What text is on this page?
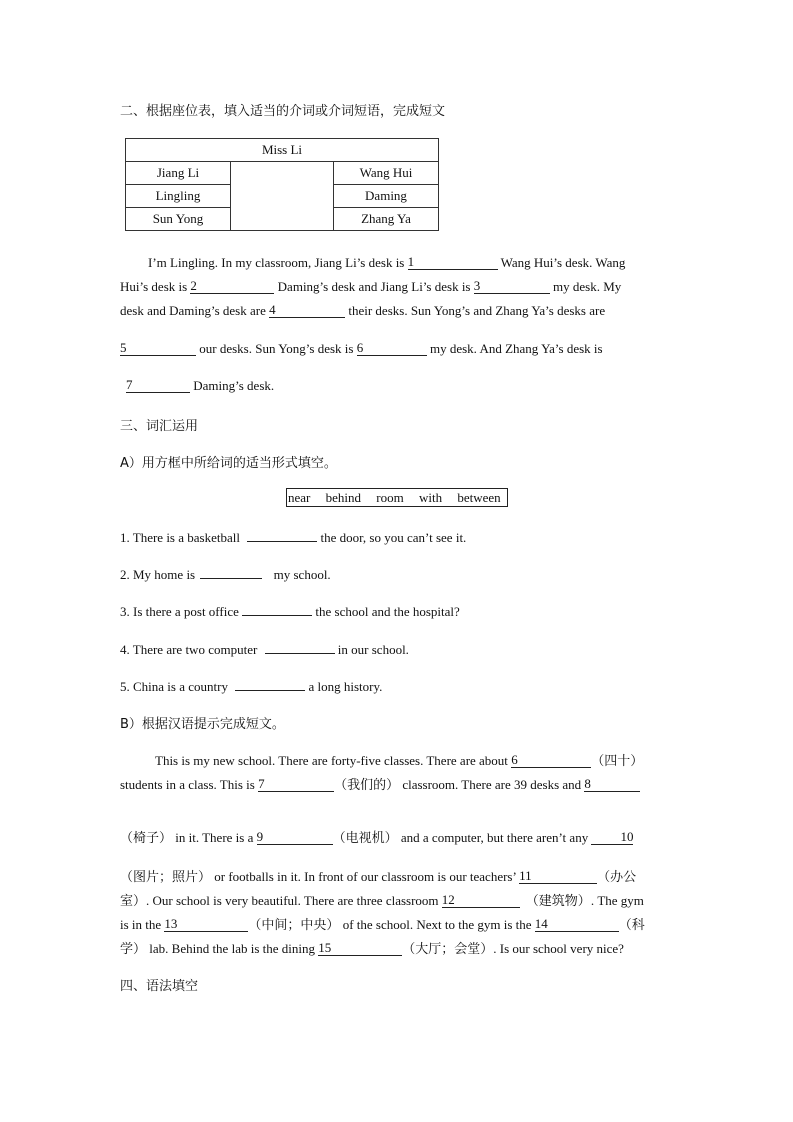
二、根据座位表，填入适当的介词或介词短语，完成短文
Miss Li		
Jiang Li		Wang Hui
Lingling		Daming
Sun Yong		Zhang Ya
I’m Lingling. In my classroom, Jiang Li’s desk is 1	Wang Hui’s desk. Wang
Hui’s desk is 2	Daming’s desk and Jiang Li’s desk is 3	my desk. My
desk and Daming’s desk are 4	their desks. Sun Yong’s and Zhang Ya’s desks are
5	our desks. Sun Yong’s desk is 6	my desk. And Zhang Ya’s desk is
7	Daming’s desk.
三、词汇运用
A）用方框中所给词的适当形式填空。
near behind room with between
1. There is a basketball	the door, so you can’t see it.
2. My home is	my school.
3. Is there a post office	the school and the hospital?
4. There are two computer	in our school.
5. China is a country	a long history.
B）根据汉语提示完成短文。
This is my new school. There are forty-five classes. There are about 6	（四十）
students in a class. This is 7	（我们的） classroom. There are 39 desks and 8
（椅子） in it. There is a 9	（电视机） and a computer, but there aren’t any 10
（图片；照片） or footballs in it. In front of our classroom is our teachers’ 11	（办公
室）. Our school is very beautiful. There are three classroom 12	（建筑物）. The gym
is in the 13	（中间；中央） of the school. Next to the gym is the 14	（科
学） lab. Behind the lab is the dining 15	（大厅；会堂）. Is our school very nice?
四、语法填空
